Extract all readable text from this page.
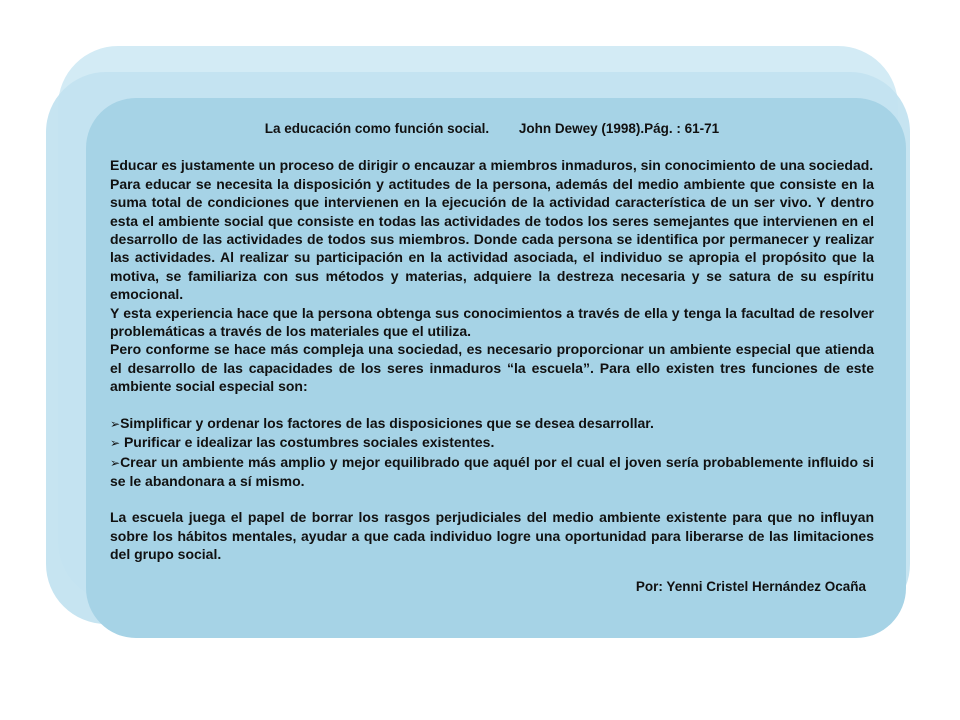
La educación como función social. John Dewey (1998).Pág. : 61-71

Educar es justamente un proceso de dirigir o encauzar a miembros inmaduros, sin conocimiento de una sociedad.

Para educar se necesita la disposición y actitudes de la persona, además del medio ambiente que consiste en la suma total de condiciones que intervienen en la ejecución de la actividad característica de un ser vivo. Y dentro esta el ambiente social que consiste en todas las actividades de todos los seres semejantes que intervienen en el desarrollo de las actividades de todos sus miembros. Donde cada persona se identifica por permanecer y realizar las actividades. Al realizar su participación en la actividad asociada, el individuo se apropia el propósito que la motiva, se familiariza con sus métodos y materias, adquiere la destreza necesaria y se satura de su espíritu emocional.

Y esta experiencia hace que la persona obtenga sus conocimientos a través de ella y tenga la facultad de resolver problemáticas a través de los materiales que el utiliza.

Pero conforme se hace más compleja una sociedad, es necesario proporcionar un ambiente especial que atienda el desarrollo de las capacidades de los seres inmaduros “la escuela”. Para ello existen tres funciones de este ambiente social especial son:

➢Simplificar y ordenar los factores de las disposiciones que se desea desarrollar.

➢ Purificar e idealizar las costumbres sociales existentes.

➢Crear un ambiente más amplio y mejor equilibrado que aquél por el cual el joven sería probablemente influido si se le abandonara a sí mismo.

La escuela juega el papel de borrar los rasgos perjudiciales del medio ambiente existente para que no influyan sobre los hábitos mentales, ayudar a que cada individuo logre una oportunidad para liberarse de las limitaciones del grupo social.

Por: Yenni Cristel Hernández Ocaña
